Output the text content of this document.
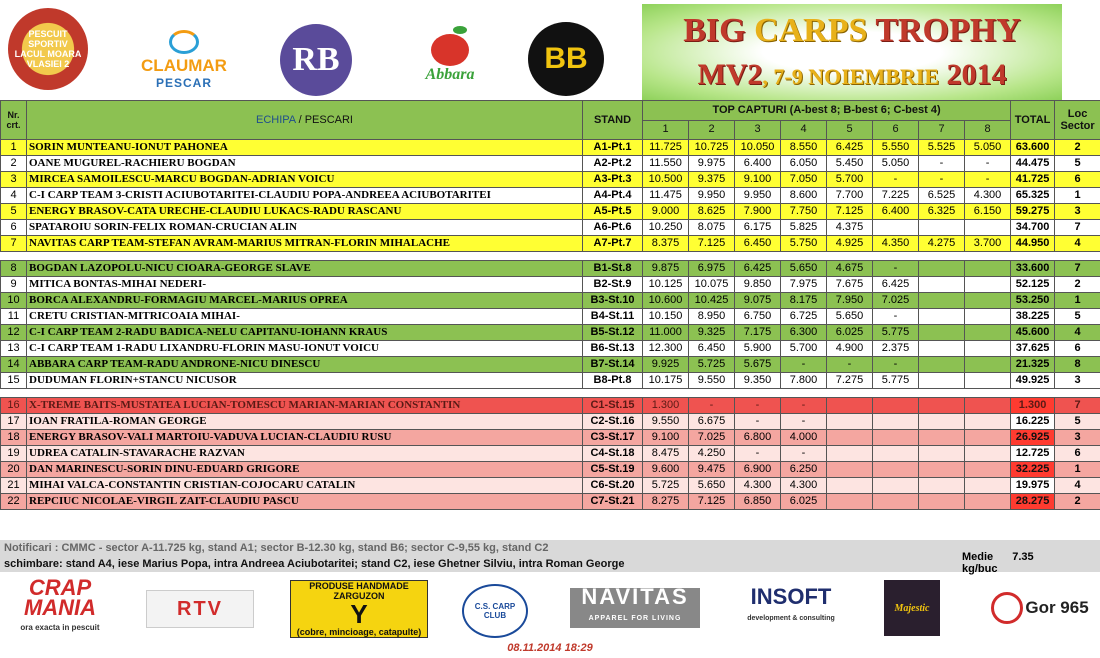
PESCUIT SPORTIV LACUL MOARA VLASIEI 2	CLAUMAR
PESCAR
RB	Abbara BB
BIG CARPS TROPHY
MV2, 7-9 NOIEMBRIE 2014
Nr. crt.	ECHIPA / PESCARI	STAND	TOP CAPTURI (A-best 8; B-best 6; C-best 4)								TOTAL	Loc Sector
			1	2	3	4	5	6	7	8		
1	SORIN MUNTEANU-IONUT PAHONEA	A1-Pt.1	11.725	10.725	10.050	8.550	6.425	5.550	5.525	5.050	63.600	2
2	OANE MUGUREL-RACHIERU BOGDAN	A2-Pt.2	11.550	9.975	6.400	6.050	5.450	5.050	-	-	44.475	5
3	MIRCEA SAMOILESCU-MARCU BOGDAN-ADRIAN VOICU	A3-Pt.3	10.500	9.375	9.100	7.050	5.700	-	-	-	41.725	6
4	C-I CARP TEAM 3-CRISTI ACIUBOTARITEI-CLAUDIU POPA-ANDREEA ACIUBOTARITEI	A4-Pt.4	11.475	9.950	9.950	8.600	7.700	7.225	6.525	4.300	65.325	1
5	ENERGY BRASOV-CATA URECHE-CLAUDIU LUKACS-RADU RASCANU	A5-Pt.5	9.000	8.625	7.900	7.750	7.125	6.400	6.325	6.150	59.275	3
6	SPATAROIU SORIN-FELIX ROMAN-CRUCIAN ALIN	A6-Pt.6	10.250	8.075	6.175	5.825	4.375				34.700	7
7	NAVITAS CARP TEAM-STEFAN AVRAM-MARIUS MITRAN-FLORIN MIHALACHE	A7-Pt.7	8.375	7.125	6.450	5.750	4.925	4.350	4.275	3.700	44.950	4

8	BOGDAN LAZOPOLU-NICU CIOARA-GEORGE SLAVE	B1-St.8	9.875	6.975	6.425	5.650	4.675	-			33.600	7
9	MITICA BONTAS-MIHAI NEDERI-	B2-St.9	10.125	10.075	9.850	7.975	7.675	6.425			52.125	2
10	BORCA ALEXANDRU-FORMAGIU MARCEL-MARIUS OPREA	B3-St.10	10.600	10.425	9.075	8.175	7.950	7.025			53.250	1
11	CRETU CRISTIAN-MITRICOAIA MIHAI-	B4-St.11	10.150	8.950	6.750	6.725	5.650	-			38.225	5
12	C-I CARP TEAM 2-RADU BADICA-NELU CAPITANU-IOHANN KRAUS	B5-St.12	11.000	9.325	7.175	6.300	6.025	5.775			45.600	4
13	C-I CARP TEAM 1-RADU LIXANDRU-FLORIN MASU-IONUT VOICU	B6-St.13	12.300	6.450	5.900	5.700	4.900	2.375			37.625	6
14	ABBARA CARP TEAM-RADU ANDRONE-NICU DINESCU	B7-St.14	9.925	5.725	5.675	-	-	-			21.325	8
15	DUDUMAN FLORIN+STANCU NICUSOR	B8-Pt.8	10.175	9.550	9.350	7.800	7.275	5.775			49.925	3

16	X-TREME BAITS-MUSTATEA LUCIAN-TOMESCU MARIAN-MARIAN CONSTANTIN	C1-St.15	1.300	-	-	-					1.300	7
17	IOAN FRATILA-ROMAN GEORGE	C2-St.16	9.550	6.675	-	-					16.225	5
18	ENERGY BRASOV-VALI MARTOIU-VADUVA LUCIAN-CLAUDIU RUSU	C3-St.17	9.100	7.025	6.800	4.000					26.925	3
19	UDREA CATALIN-STAVARACHE RAZVAN	C4-St.18	8.475	4.250	-	-					12.725	6
20	DAN MARINESCU-SORIN DINU-EDUARD GRIGORE	C5-St.19	9.600	9.475	6.900	6.250					32.225	1
21	MIHAI VALCA-CONSTANTIN CRISTIAN-COJOCARU CATALIN	C6-St.20	5.725	5.650	4.300	4.300					19.975	4
22	REPCIUC NICOLAE-VIRGIL ZAIT-CLAUDIU PASCU	C7-St.21	8.275	7.125	6.850	6.025					28.275	2
Notificari : CMMC - sector A-11.725 kg, stand A1; sector B-12.30 kg, stand B6; sector C-9,55 kg, stand C2
schimbare: stand A4, iese Marius Popa, intra Andreea Aciubotaritei; stand C2, iese Ghetner Silviu, intra Roman George
Medie 7.35 kg/buc
CRAP MANIA
ora exacta in pescuit
RTV
PRODUSE HANDMADE ZARGUZON
Y
(cobre, mincioage, catapulte)
C.S. CARP CLUB
NAVITAS
APPAREL FOR LIVING
INSOFT
development & consulting
Majestic	Gor 965
08.11.2014 18:29
